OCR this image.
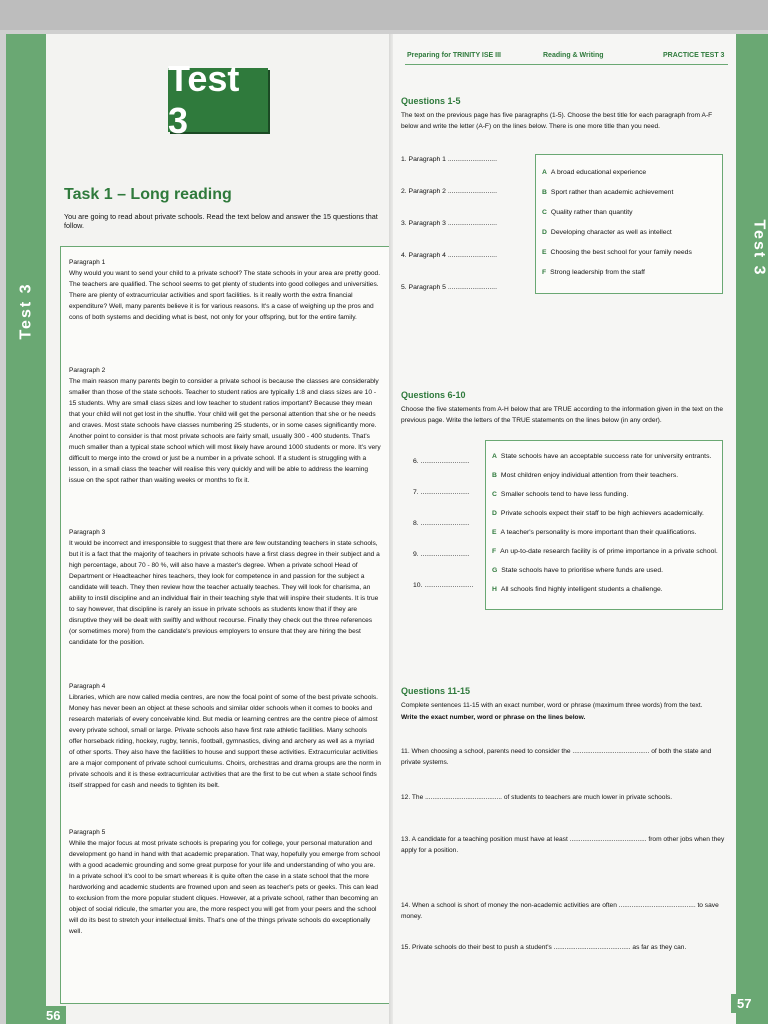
Test 3
Test 3
Task 1 – Long reading
You are going to read about private schools. Read the text below and answer the 15 questions that follow.
Paragraph 1
Why would you want to send your child to a private school? The state schools in your area are pretty good. The teachers are qualified. The school seems to get plenty of students into good colleges and universities. There are plenty of extracurricular activities and sport facilities. Is it really worth the extra financial expenditure? Well, many parents believe it is for various reasons. It's a case of weighing up the pros and cons of both systems and deciding what is best, not only for your offspring, but for the entire family.
Paragraph 2
The main reason many parents begin to consider a private school is because the classes are considerably smaller than those of the state schools. Teacher to student ratios are typically 1:8 and class sizes are 10 - 15 students. Why are small class sizes and low teacher to student ratios important? Because they mean that your child will not get lost in the shuffle. Your child will get the personal attention that she or he needs and craves. Most state schools have classes numbering 25 students, or in some cases significantly more. Another point to consider is that most private schools are fairly small, usually 300 - 400 students. That's much smaller than a typical state school which will most likely have around 1000 students or more. It's very difficult to merge into the crowd or just be a number in a private school. If a student is struggling with a lesson, in a small class the teacher will realise this very quickly and will be able to address the learning issue on the spot rather than waiting weeks or months to fix it.
Paragraph 3
It would be incorrect and irresponsible to suggest that there are few outstanding teachers in state schools, but it is a fact that the majority of teachers in private schools have a first class degree in their subject and a high percentage, about 70 - 80 %, will also have a master's degree. When a private school Head of Department or Headteacher hires teachers, they look for competence in and passion for the subject a candidate will teach. They then review how the teacher actually teaches. They will look for charisma, an ability to instil discipline and an individual flair in their teaching style that will inspire their students. It is true to say however, that discipline is rarely an issue in private schools as students know that if they are disruptive they will be dealt with swiftly and without recourse. Finally they check out the three references (or sometimes more) from the candidate's previous employers to ensure that they are hiring the best candidate for the position.
Paragraph 4
Libraries, which are now called media centres, are now the focal point of some of the best private schools. Money has never been an object at these schools and similar older schools when it comes to books and research materials of every conceivable kind. But media or learning centres are the centre piece of almost every private school, small or large. Private schools also have first rate athletic facilities. Many schools offer horseback riding, hockey, rugby, tennis, football, gymnastics, diving and archery as well as a myriad of other sports. They also have the facilities to house and support these activities. Extracurricular activities are a major component of private school curriculums. Choirs, orchestras and drama groups are the norm in private schools and it is these extracurricular activities that are the first to be cut when a state school finds itself strapped for cash and needs to tighten its belt.
Paragraph 5
While the major focus at most private schools is preparing you for college, your personal maturation and development go hand in hand with that academic preparation. That way, hopefully you emerge from school with a good academic grounding and some great purpose for your life and understanding of who you are. In a private school it's cool to be smart whereas it is quite often the case in a state school that the more hardworking and academic students are frowned upon and seen as teacher's pets or geeks. This can lead to exclusion from the more popular student cliques. However, at a private school, rather than becoming an object of social ridicule, the smarter you are, the more respect you will get from your peers and the school will do its best to stretch your intellectual limits. That's one of the things private schools do exceptionally well.
56
Preparing for TRINITY ISE III	Reading & Writing	PRACTICE TEST 3
Test 3
Questions 1-5
The text on the previous page has five paragraphs (1-5). Choose the best title for each paragraph from A-F below and write the letter (A-F) on the lines below. There is one more title than you need.
1. Paragraph 1 ..........................
2. Paragraph 2 ..........................
3. Paragraph 3 ..........................
4. Paragraph 4 ..........................
5. Paragraph 5 ..........................
A A broad educational experience
B Sport rather than academic achievement
C Quality rather than quantity
D Developing character as well as intellect
E Choosing the best school for your family needs
F Strong leadership from the staff
Questions 6-10
Choose the five statements from A-H below that are TRUE according to the information given in the text on the previous page. Write the letters of the TRUE statements on the lines below (in any order).
6. ..........................
7. ..........................
8. ..........................
9. ..........................
10. ..........................
A State schools have an acceptable success rate for university entrants.
B Most children enjoy individual attention from their teachers.
C Smaller schools tend to have less funding.
D Private schools expect their staff to be high achievers academically.
E A teacher's personality is more important than their qualifications.
F An up-to-date research facility is of prime importance in a private school.
G State schools have to prioritise where funds are used.
H All schools find highly intelligent students a challenge.
Questions 11-15
Complete sentences 11-15 with an exact number, word or phrase (maximum three words) from the text.
Write the exact number, word or phrase on the lines below.
11. When choosing a school, parents need to consider the .......................................... of both the state and private systems.
12. The .......................................... of students to teachers are much lower in private schools.
13. A candidate for a teaching position must have at least .......................................... from other jobs when they apply for a position.
14. When a school is short of money the non-academic activities are often .......................................... to save money.
15. Private schools do their best to push a student's .......................................... as far as they can.
57
